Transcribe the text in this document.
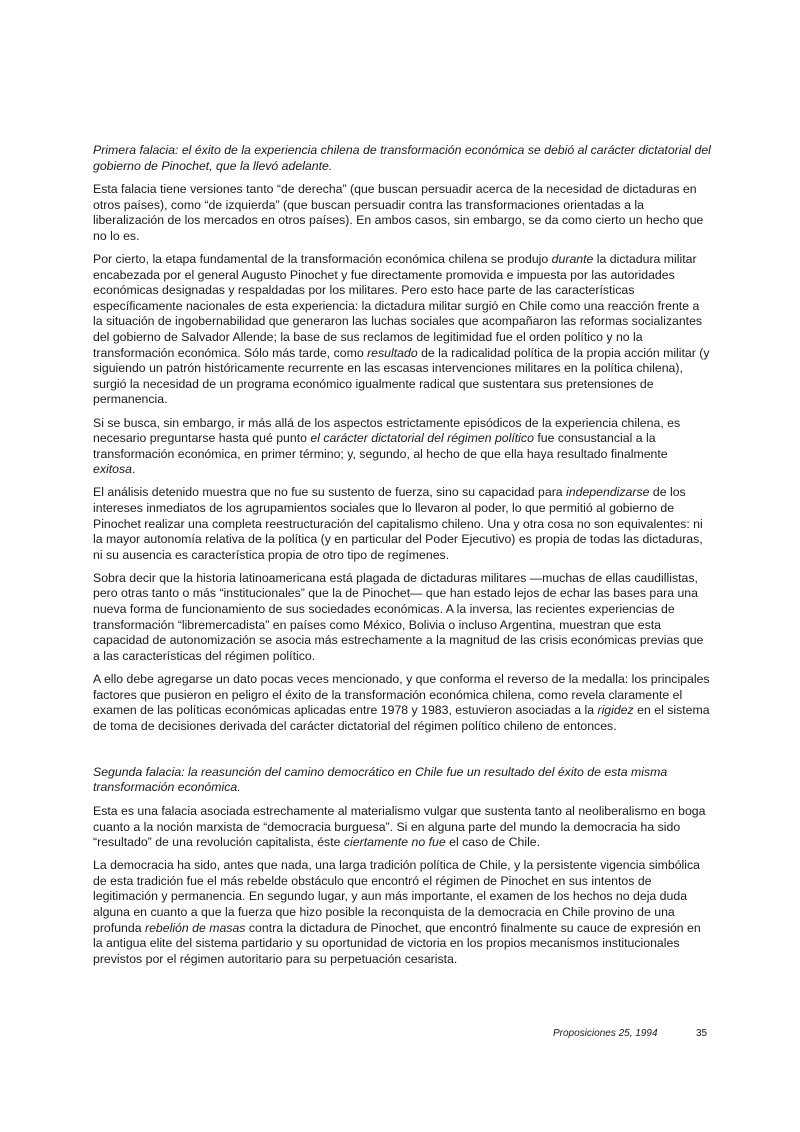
Primera falacia: el éxito de la experiencia chilena de transformación económica se debió al carácter dictatorial del gobierno de Pinochet, que la llevó adelante.

Esta falacia tiene versiones tanto “de derecha” (que buscan persuadir acerca de la necesidad de dictaduras en otros países), como “de izquierda” (que buscan persuadir contra las transformaciones orientadas a la liberalización de los mercados en otros países). En ambos casos, sin embargo, se da como cierto un hecho que no lo es.

Por cierto, la etapa fundamental de la transformación económica chilena se produjo durante la dictadura militar encabezada por el general Augusto Pinochet y fue directamente promovida e impuesta por las autoridades económicas designadas y respaldadas por los militares. Pero esto hace parte de las características específicamente nacionales de esta experiencia: la dictadura militar surgió en Chile como una reacción frente a la situación de ingobernabilidad que generaron las luchas sociales que acompañaron las reformas socializantes del gobierno de Salvador Allende; la base de sus reclamos de legitimidad fue el orden político y no la transformación económica. Sólo más tarde, como resultado de la radicalidad política de la propia acción militar (y siguiendo un patrón históricamente recurrente en las escasas intervenciones militares en la política chilena), surgió la necesidad de un programa económico igualmente radical que sustentara sus pretensiones de permanencia.

Si se busca, sin embargo, ir más allá de los aspectos estrictamente episódicos de la experiencia chilena, es necesario preguntarse hasta qué punto el carácter dictatorial del régimen político fue consustancial a la transformación económica, en primer término; y, segundo, al hecho de que ella haya resultado finalmente exitosa.

El análisis detenido muestra que no fue su sustento de fuerza, sino su capacidad para independizarse de los intereses inmediatos de los agrupamientos sociales que lo llevaron al poder, lo que permitió al gobierno de Pinochet realizar una completa reestructuración del capitalismo chileno. Una y otra cosa no son equivalentes: ni la mayor autonomía relativa de la política (y en particular del Poder Ejecutivo) es propia de todas las dictaduras, ni su ausencia es característica propia de otro tipo de regímenes.

Sobra decir que la historia latinoamericana está plagada de dictaduras militares —muchas de ellas caudillistas, pero otras tanto o más “institucionales” que la de Pinochet— que han estado lejos de echar las bases para una nueva forma de funcionamiento de sus sociedades económicas. A la inversa, las recientes experiencias de transformación “libremercadista” en países como México, Bolivia o incluso Argentina, muestran que esta capacidad de autonomización se asocia más estrechamente a la magnitud de las crisis económicas previas que a las características del régimen político.

A ello debe agregarse un dato pocas veces mencionado, y que conforma el reverso de la medalla: los principales factores que pusieron en peligro el éxito de la transformación económica chilena, como revela claramente el examen de las políticas económicas aplicadas entre 1978 y 1983, estuvieron asociadas a la rigidez en el sistema de toma de decisiones derivada del carácter dictatorial del régimen político chileno de entonces.

Segunda falacia: la reasunción del camino democrático en Chile fue un resultado del éxito de esta misma transformación económica.

Esta es una falacia asociada estrechamente al materialismo vulgar que sustenta tanto al neoliberalismo en boga cuanto a la noción marxista de “democracia burguesa”. Si en alguna parte del mundo la democracia ha sido “resultado” de una revolución capitalista, éste ciertamente no fue el caso de Chile.

La democracia ha sido, antes que nada, una larga tradición política de Chile, y la persistente vigencia simbólica de esta tradición fue el más rebelde obstáculo que encontró el régimen de Pinochet en sus intentos de legitimación y permanencia. En segundo lugar, y aun más importante, el examen de los hechos no deja duda alguna en cuanto a que la fuerza que hizo posible la reconquista de la democracia en Chile provino de una profunda rebelión de masas contra la dictadura de Pinochet, que encontró finalmente su cauce de expresión en la antigua elite del sistema partidario y su oportunidad de victoria en los propios mecanismos institucionales previstos por el régimen autoritario para su perpetuación cesarista.

Proposiciones 25, 1994	35
